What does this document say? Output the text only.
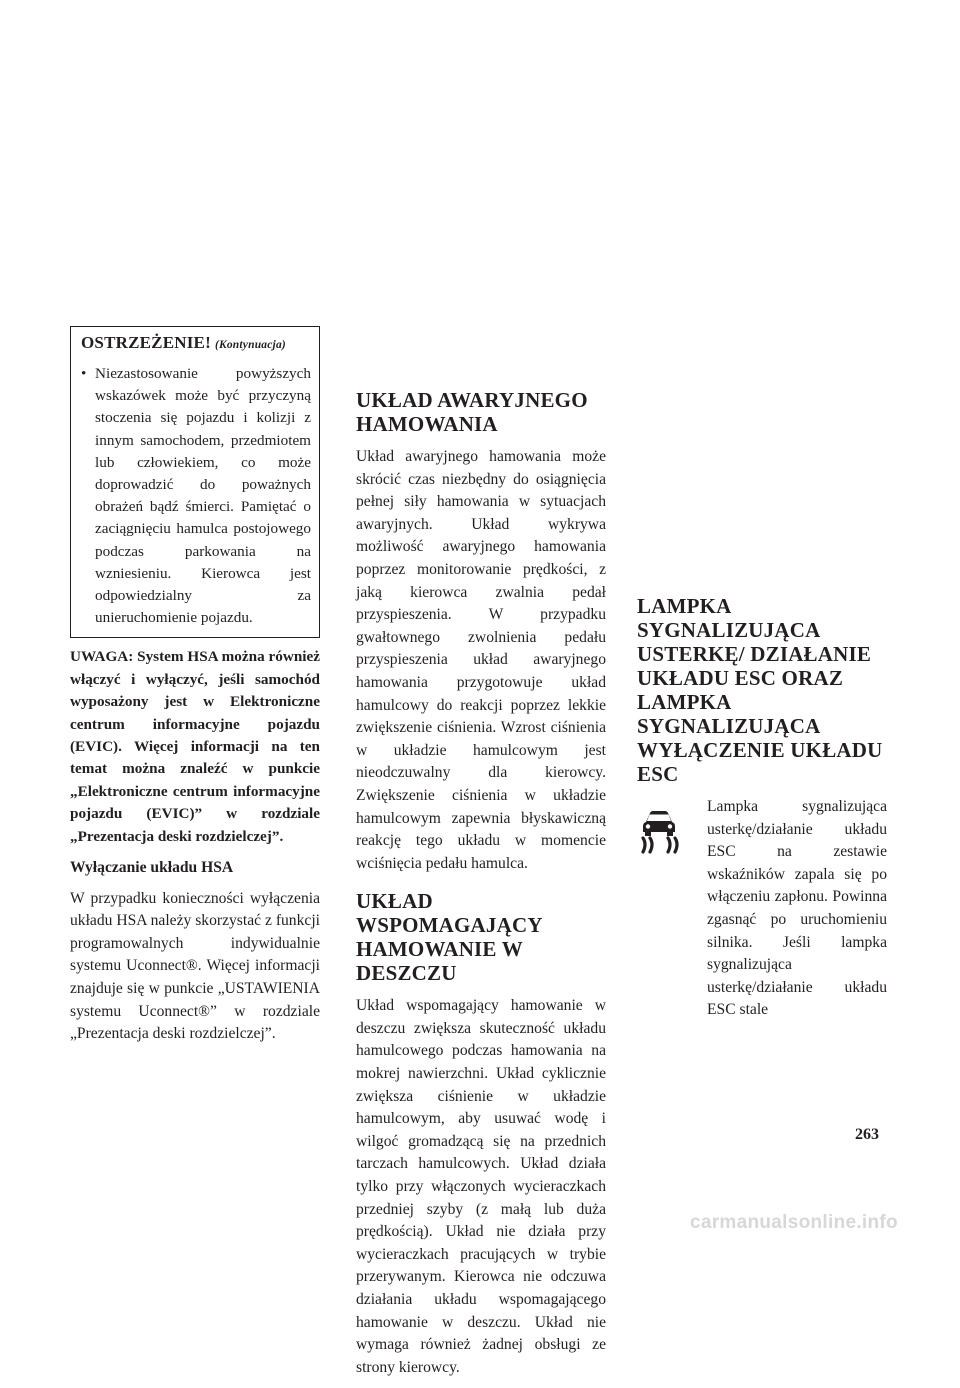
OSTRZEŻENIE! (Kontynuacja)
• Niezastosowanie powyższych wskazówek może być przyczyną stoczenia się pojazdu i kolizji z innym samochodem, przedmiotem lub człowiekiem, co może doprowadzić do poważnych obrażeń bądź śmierci. Pamiętać o zaciągnięciu hamulca postojowego podczas parkowania na wzniesieniu. Kierowca jest odpowiedzialny za unieruchomienie pojazdu.
UWAGA: System HSA można również włączyć i wyłączyć, jeśli samochód wyposażony jest w Elektroniczne centrum informacyjne pojazdu (EVIC). Więcej informacji na ten temat można znaleźć w punkcie „Elektroniczne centrum informacyjne pojazdu (EVIC)” w rozdziale „Prezentacja deski rozdzielczej”.
Wyłączanie układu HSA

W przypadku konieczności wyłączenia układu HSA należy skorzystać z funkcji programowalnych indywidualnie systemu Uconnect®. Więcej informacji znajduje się w punkcie „USTAWIENIA systemu Uconnect®” w rozdziale „Prezentacja deski rozdzielczej”.

UKŁAD AWARYJNEGO HAMOWANIA

Układ awaryjnego hamowania może skrócić czas niezbędny do osiągnięcia pełnej siły hamowania w sytuacjach awaryjnych. Układ wykrywa możliwość awaryjnego hamowania poprzez monitorowanie prędkości, z jaką kierowca zwalnia pedał przyspieszenia. W przypadku gwałtownego zwolnienia pedału przyspieszenia układ awaryjnego hamowania przygotowuje układ hamulcowy do reakcji poprzez lekkie zwiększenie ciśnienia. Wzrost ciśnienia w układzie hamulcowym jest nieodczuwalny dla kierowcy. Zwiększenie ciśnienia w układzie hamulcowym zapewnia błyskawiczną reakcję tego układu w momencie wciśnięcia pedału hamulca.

UKŁAD WSPOMAGAJĄCY HAMOWANIE W DESZCZU

Układ wspomagający hamowanie w deszczu zwiększa skuteczność układu hamulcowego podczas hamowania na mokrej nawierzchni. Układ cyklicznie zwiększa ciśnienie w układzie hamulcowym, aby usuwać wodę i wilgoć gromadzącą się na przednich tarczach hamulcowych. Układ działa tylko przy włączonych wycieraczkach przedniej szyby (z małą lub duża prędkością). Układ nie działa przy wycieraczkach pracujących w trybie przerywanym. Kierowca nie odczuwa działania układu wspomagającego hamowanie w deszczu. Układ nie wymaga również żadnej obsługi ze strony kierowcy.

LAMPKA SYGNALIZUJĄCA USTERKĘ/ DZIAŁANIE UKŁADU ESC ORAZ LAMPKA SYGNALIZUJĄCA WYŁĄCZENIE UKŁADU ESC
Lampka sygnalizująca usterkę/działanie układu ESC na zestawie wskaźników zapala się po włączeniu zapłonu. Powinna zgasnąć po uruchomieniu silnika. Jeśli lampka sygnalizująca usterkę/działanie układu ESC stale
263
carmanualsonline.info
